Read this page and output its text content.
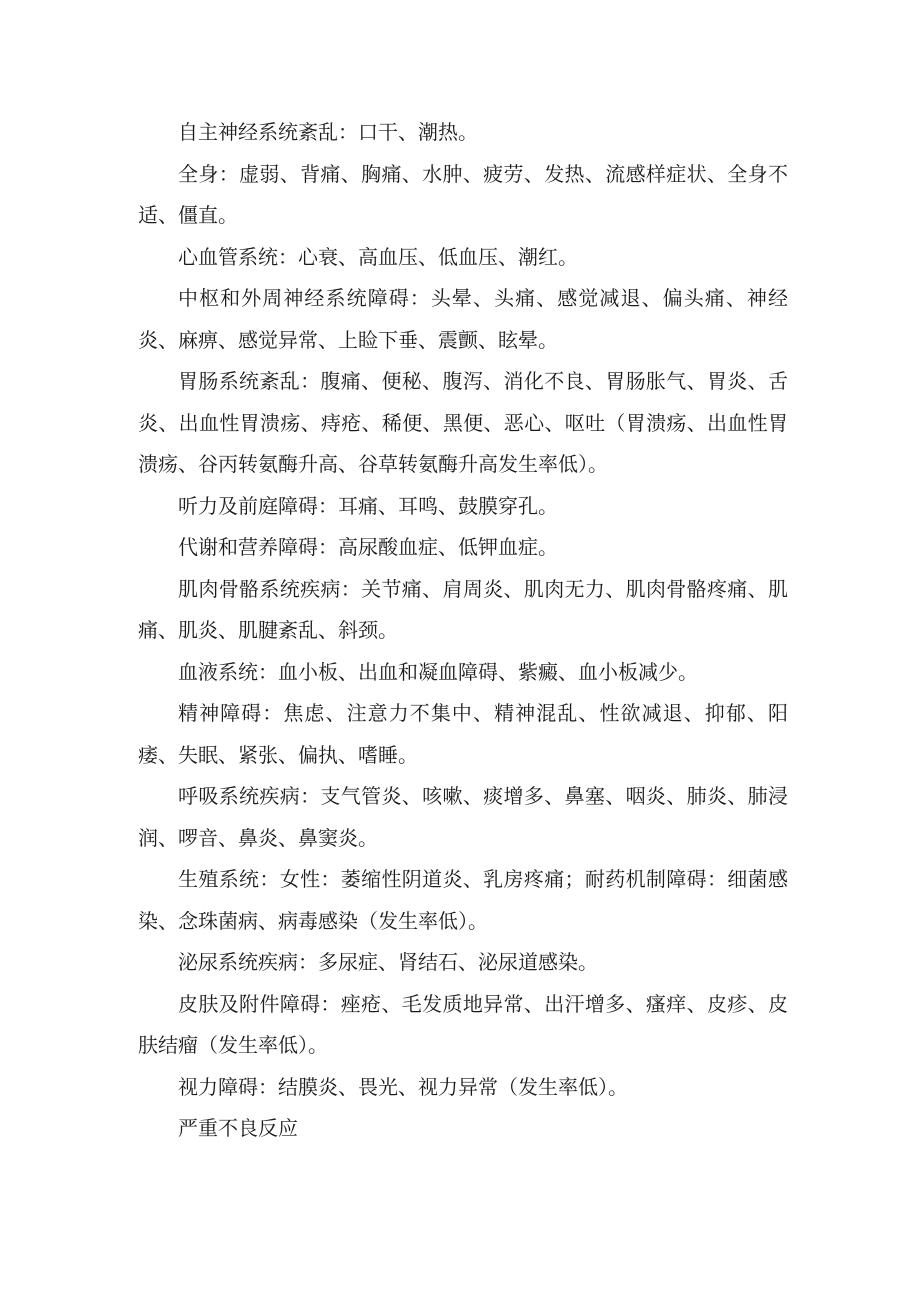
自主神经系统紊乱：口干、潮热。

全身：虚弱、背痛、胸痛、水肿、疲劳、发热、流感样症状、全身不适、僵直。

心血管系统：心衰、高血压、低血压、潮红。

中枢和外周神经系统障碍：头晕、头痛、感觉减退、偏头痛、神经炎、麻痹、感觉异常、上睑下垂、震颤、眩晕。

胃肠系统紊乱：腹痛、便秘、腹泻、消化不良、胃肠胀气、胃炎、舌炎、出血性胃溃疡、痔疮、稀便、黑便、恶心、呕吐（胃溃疡、出血性胃溃疡、谷丙转氨酶升高、谷草转氨酶升高发生率低）。

听力及前庭障碍：耳痛、耳鸣、鼓膜穿孔。

代谢和营养障碍：高尿酸血症、低钾血症。

肌肉骨骼系统疾病：关节痛、肩周炎、肌肉无力、肌肉骨骼疼痛、肌痛、肌炎、肌腱紊乱、斜颈。

血液系统：血小板、出血和凝血障碍、紫癜、血小板减少。

精神障碍：焦虑、注意力不集中、精神混乱、性欲减退、抑郁、阳痿、失眠、紧张、偏执、嗜睡。

呼吸系统疾病：支气管炎、咳嗽、痰增多、鼻塞、咽炎、肺炎、肺浸润、啰音、鼻炎、鼻窦炎。

生殖系统：女性：萎缩性阴道炎、乳房疼痛；耐药机制障碍：细菌感染、念珠菌病、病毒感染（发生率低）。

泌尿系统疾病：多尿症、肾结石、泌尿道感染。

皮肤及附件障碍：痤疮、毛发质地异常、出汗增多、瘙痒、皮疹、皮肤结瘤（发生率低）。

视力障碍：结膜炎、畏光、视力异常（发生率低）。

严重不良反应
